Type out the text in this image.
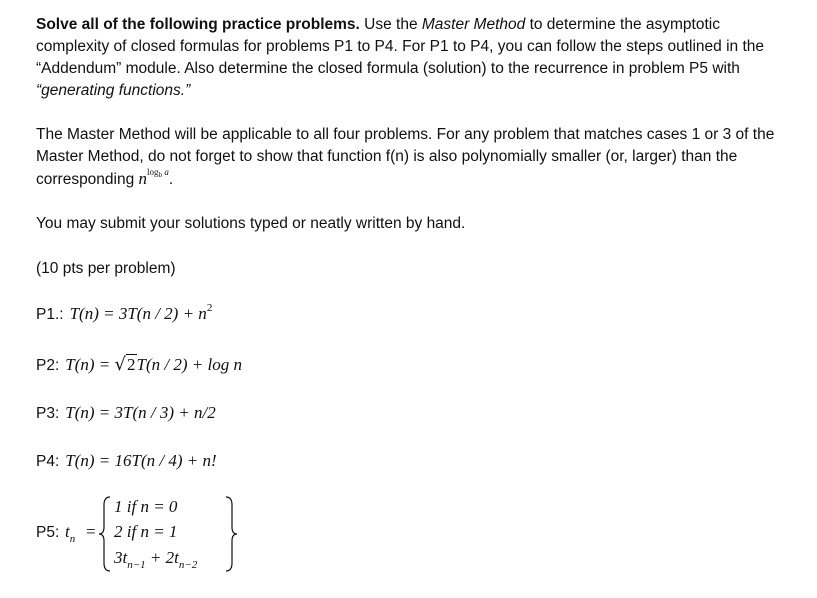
Solve all of the following practice problems. Use the Master Method to determine the asymptotic complexity of closed formulas for problems P1 to P4. For P1 to P4, you can follow the steps outlined in the “Addendum” module. Also determine the closed formula (solution) to the recurrence in problem P5 with “generating functions.”

The Master Method will be applicable to all four problems. For any problem that matches cases 1 or 3 of the Master Method, do not forget to show that function f(n) is also polynomially smaller (or, larger) than the corresponding $n^{log_b a}$.

You may submit your solutions typed or neatly written by hand.

(10 pts per problem)

P1.: $T(n) = 3T(n / 2) + n^2$
P2: T(n) = √2T(n / 2) + log n
P3: T(n) = 3T(n / 3) + n/2
P4: T(n) = 16T(n / 4) + n!
P5: $t_n$ =
1 if n = 0
2 if n = 1
$3t_{n-1} + 2t_{n-2}$
